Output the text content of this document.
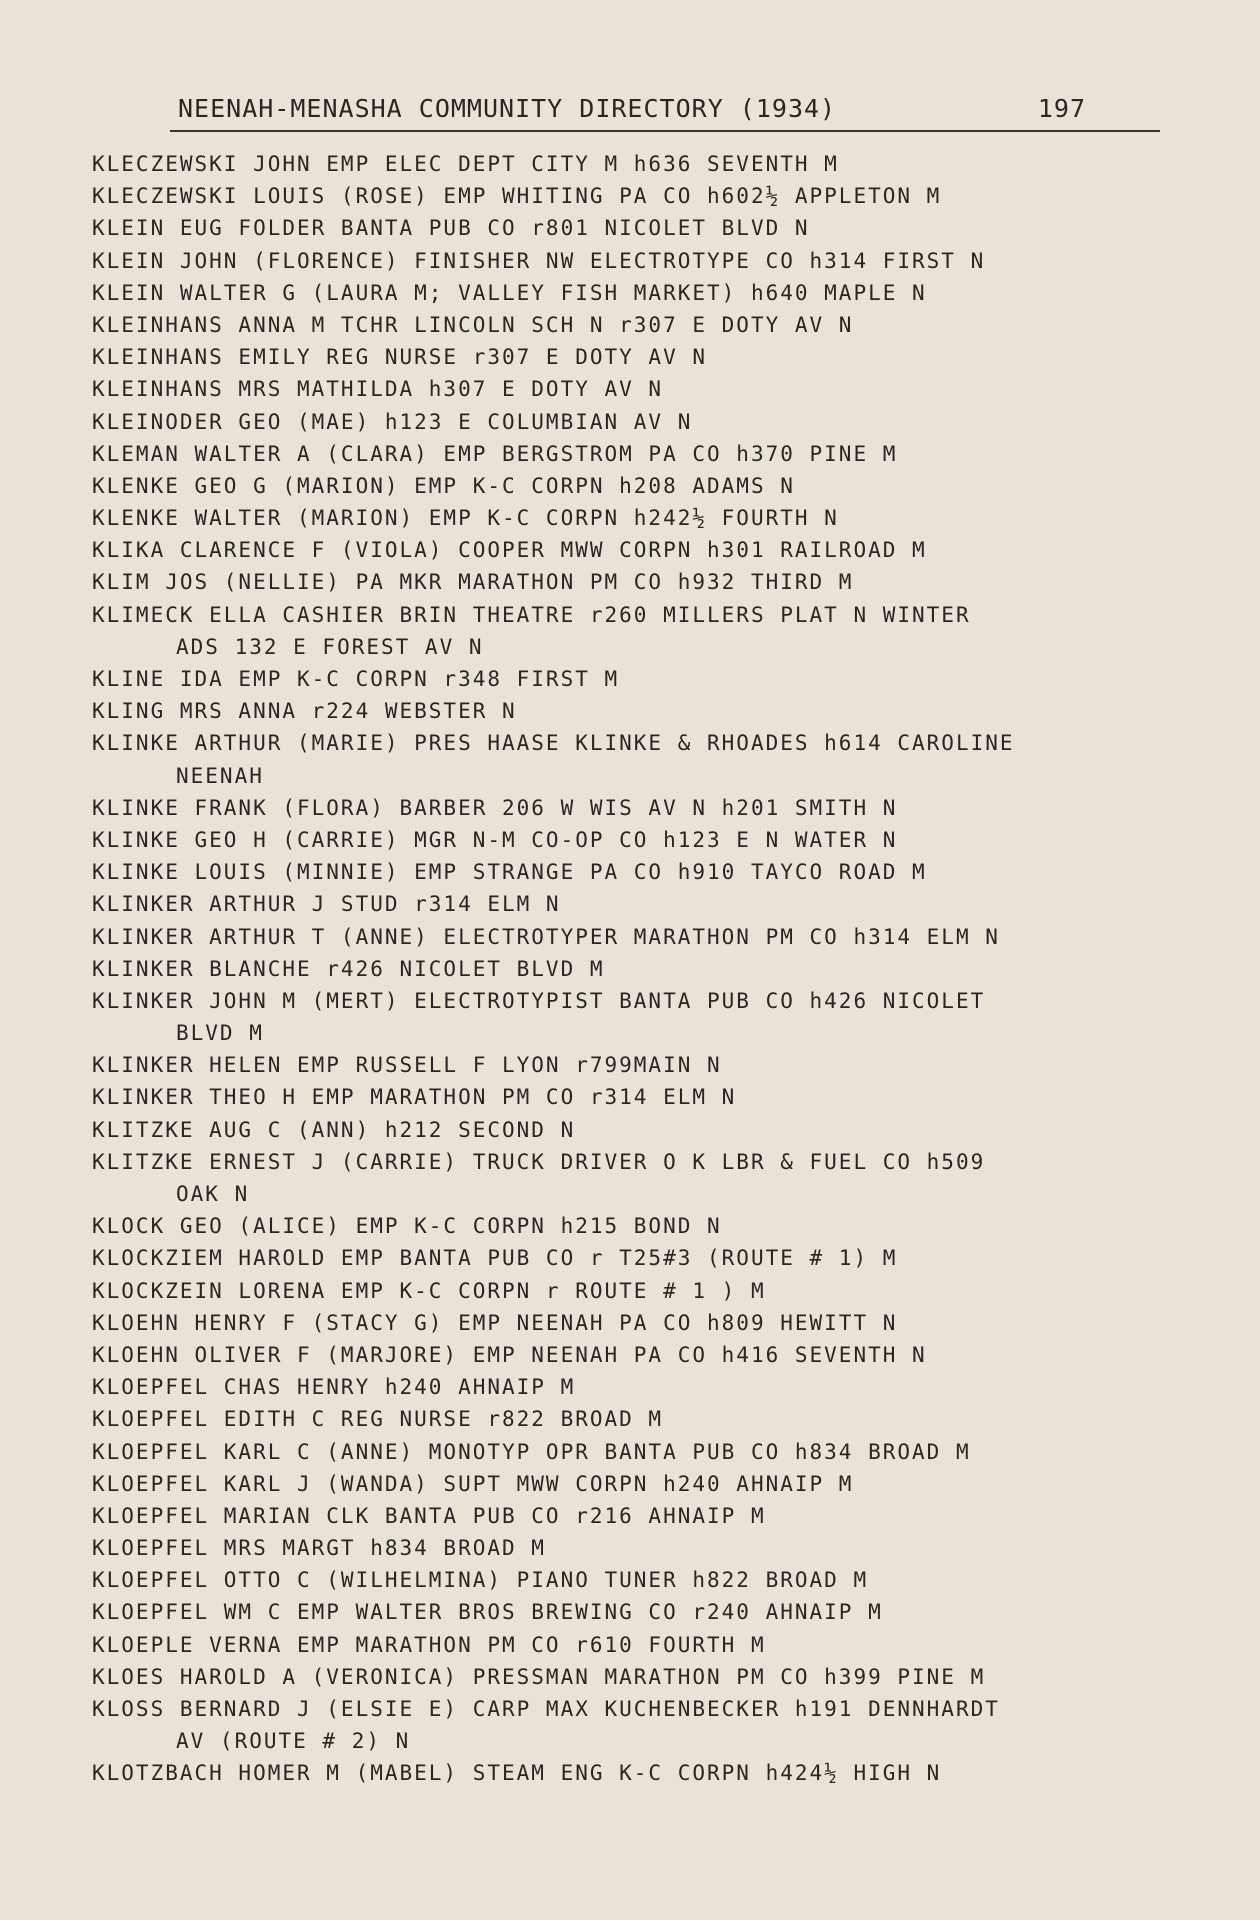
NEENAH-MENASHA COMMUNITY DIRECTORY (1934)	197
KLECZEWSKI JOHN EMP ELEC DEPT CITY M h636 SEVENTH M
KLECZEWSKI LOUIS (ROSE) EMP WHITING PA CO h602½ APPLETON M
KLEIN EUG FOLDER BANTA PUB CO r801 NICOLET BLVD N
KLEIN JOHN (FLORENCE) FINISHER NW ELECTROTYPE CO h314 FIRST N
KLEIN WALTER G (LAURA M; VALLEY FISH MARKET) h640 MAPLE N
KLEINHANS ANNA M TCHR LINCOLN SCH N r307 E DOTY AV N
KLEINHANS EMILY REG NURSE r307 E DOTY AV N
KLEINHANS MRS MATHILDA h307 E DOTY AV N
KLEINODER GEO (MAE) h123 E COLUMBIAN AV N
KLEMAN WALTER A (CLARA) EMP BERGSTROM PA CO h370 PINE M
KLENKE GEO G (MARION) EMP K-C CORPN h208 ADAMS N
KLENKE WALTER (MARION) EMP K-C CORPN h242½ FOURTH N
KLIKA CLARENCE F (VIOLA) COOPER MWW CORPN h301 RAILROAD M
KLIM JOS (NELLIE) PA MKR MARATHON PM CO h932 THIRD M
KLIMECK ELLA CASHIER BRIN THEATRE r260 MILLERS PLAT N WINTER
ADS 132 E FOREST AV N
KLINE IDA EMP K-C CORPN r348 FIRST M
KLING MRS ANNA r224 WEBSTER N
KLINKE ARTHUR (MARIE) PRES HAASE KLINKE & RHOADES h614 CAROLINE
NEENAH
KLINKE FRANK (FLORA) BARBER 206 W WIS AV N h201 SMITH N
KLINKE GEO H (CARRIE) MGR N-M CO-OP CO h123 E N WATER N
KLINKE LOUIS (MINNIE) EMP STRANGE PA CO h910 TAYCO ROAD M
KLINKER ARTHUR J STUD r314 ELM N
KLINKER ARTHUR T (ANNE) ELECTROTYPER MARATHON PM CO h314 ELM N
KLINKER BLANCHE r426 NICOLET BLVD M
KLINKER JOHN M (MERT) ELECTROTYPIST BANTA PUB CO h426 NICOLET
BLVD M
KLINKER HELEN EMP RUSSELL F LYON r799MAIN N
KLINKER THEO H EMP MARATHON PM CO r314 ELM N
KLITZKE AUG C (ANN) h212 SECOND N
KLITZKE ERNEST J (CARRIE) TRUCK DRIVER O K LBR & FUEL CO h509
OAK N
KLOCK GEO (ALICE) EMP K-C CORPN h215 BOND N
KLOCKZIEM HAROLD EMP BANTA PUB CO r T25#3 (ROUTE # 1) M
KLOCKZEIN LORENA EMP K-C CORPN r ROUTE # 1 ) M
KLOEHN HENRY F (STACY G) EMP NEENAH PA CO h809 HEWITT N
KLOEHN OLIVER F (MARJORE) EMP NEENAH PA CO h416 SEVENTH N
KLOEPFEL CHAS HENRY h240 AHNAIP M
KLOEPFEL EDITH C REG NURSE r822 BROAD M
KLOEPFEL KARL C (ANNE) MONOTYP OPR BANTA PUB CO h834 BROAD M
KLOEPFEL KARL J (WANDA) SUPT MWW CORPN h240 AHNAIP M
KLOEPFEL MARIAN CLK BANTA PUB CO r216 AHNAIP M
KLOEPFEL MRS MARGT h834 BROAD M
KLOEPFEL OTTO C (WILHELMINA) PIANO TUNER h822 BROAD M
KLOEPFEL WM C EMP WALTER BROS BREWING CO r240 AHNAIP M
KLOEPLE VERNA EMP MARATHON PM CO r610 FOURTH M
KLOES HAROLD A (VERONICA) PRESSMAN MARATHON PM CO h399 PINE M
KLOSS BERNARD J (ELSIE E) CARP MAX KUCHENBECKER h191 DENNHARDT
AV (ROUTE # 2) N
KLOTZBACH HOMER M (MABEL) STEAM ENG K-C CORPN h424½ HIGH N
